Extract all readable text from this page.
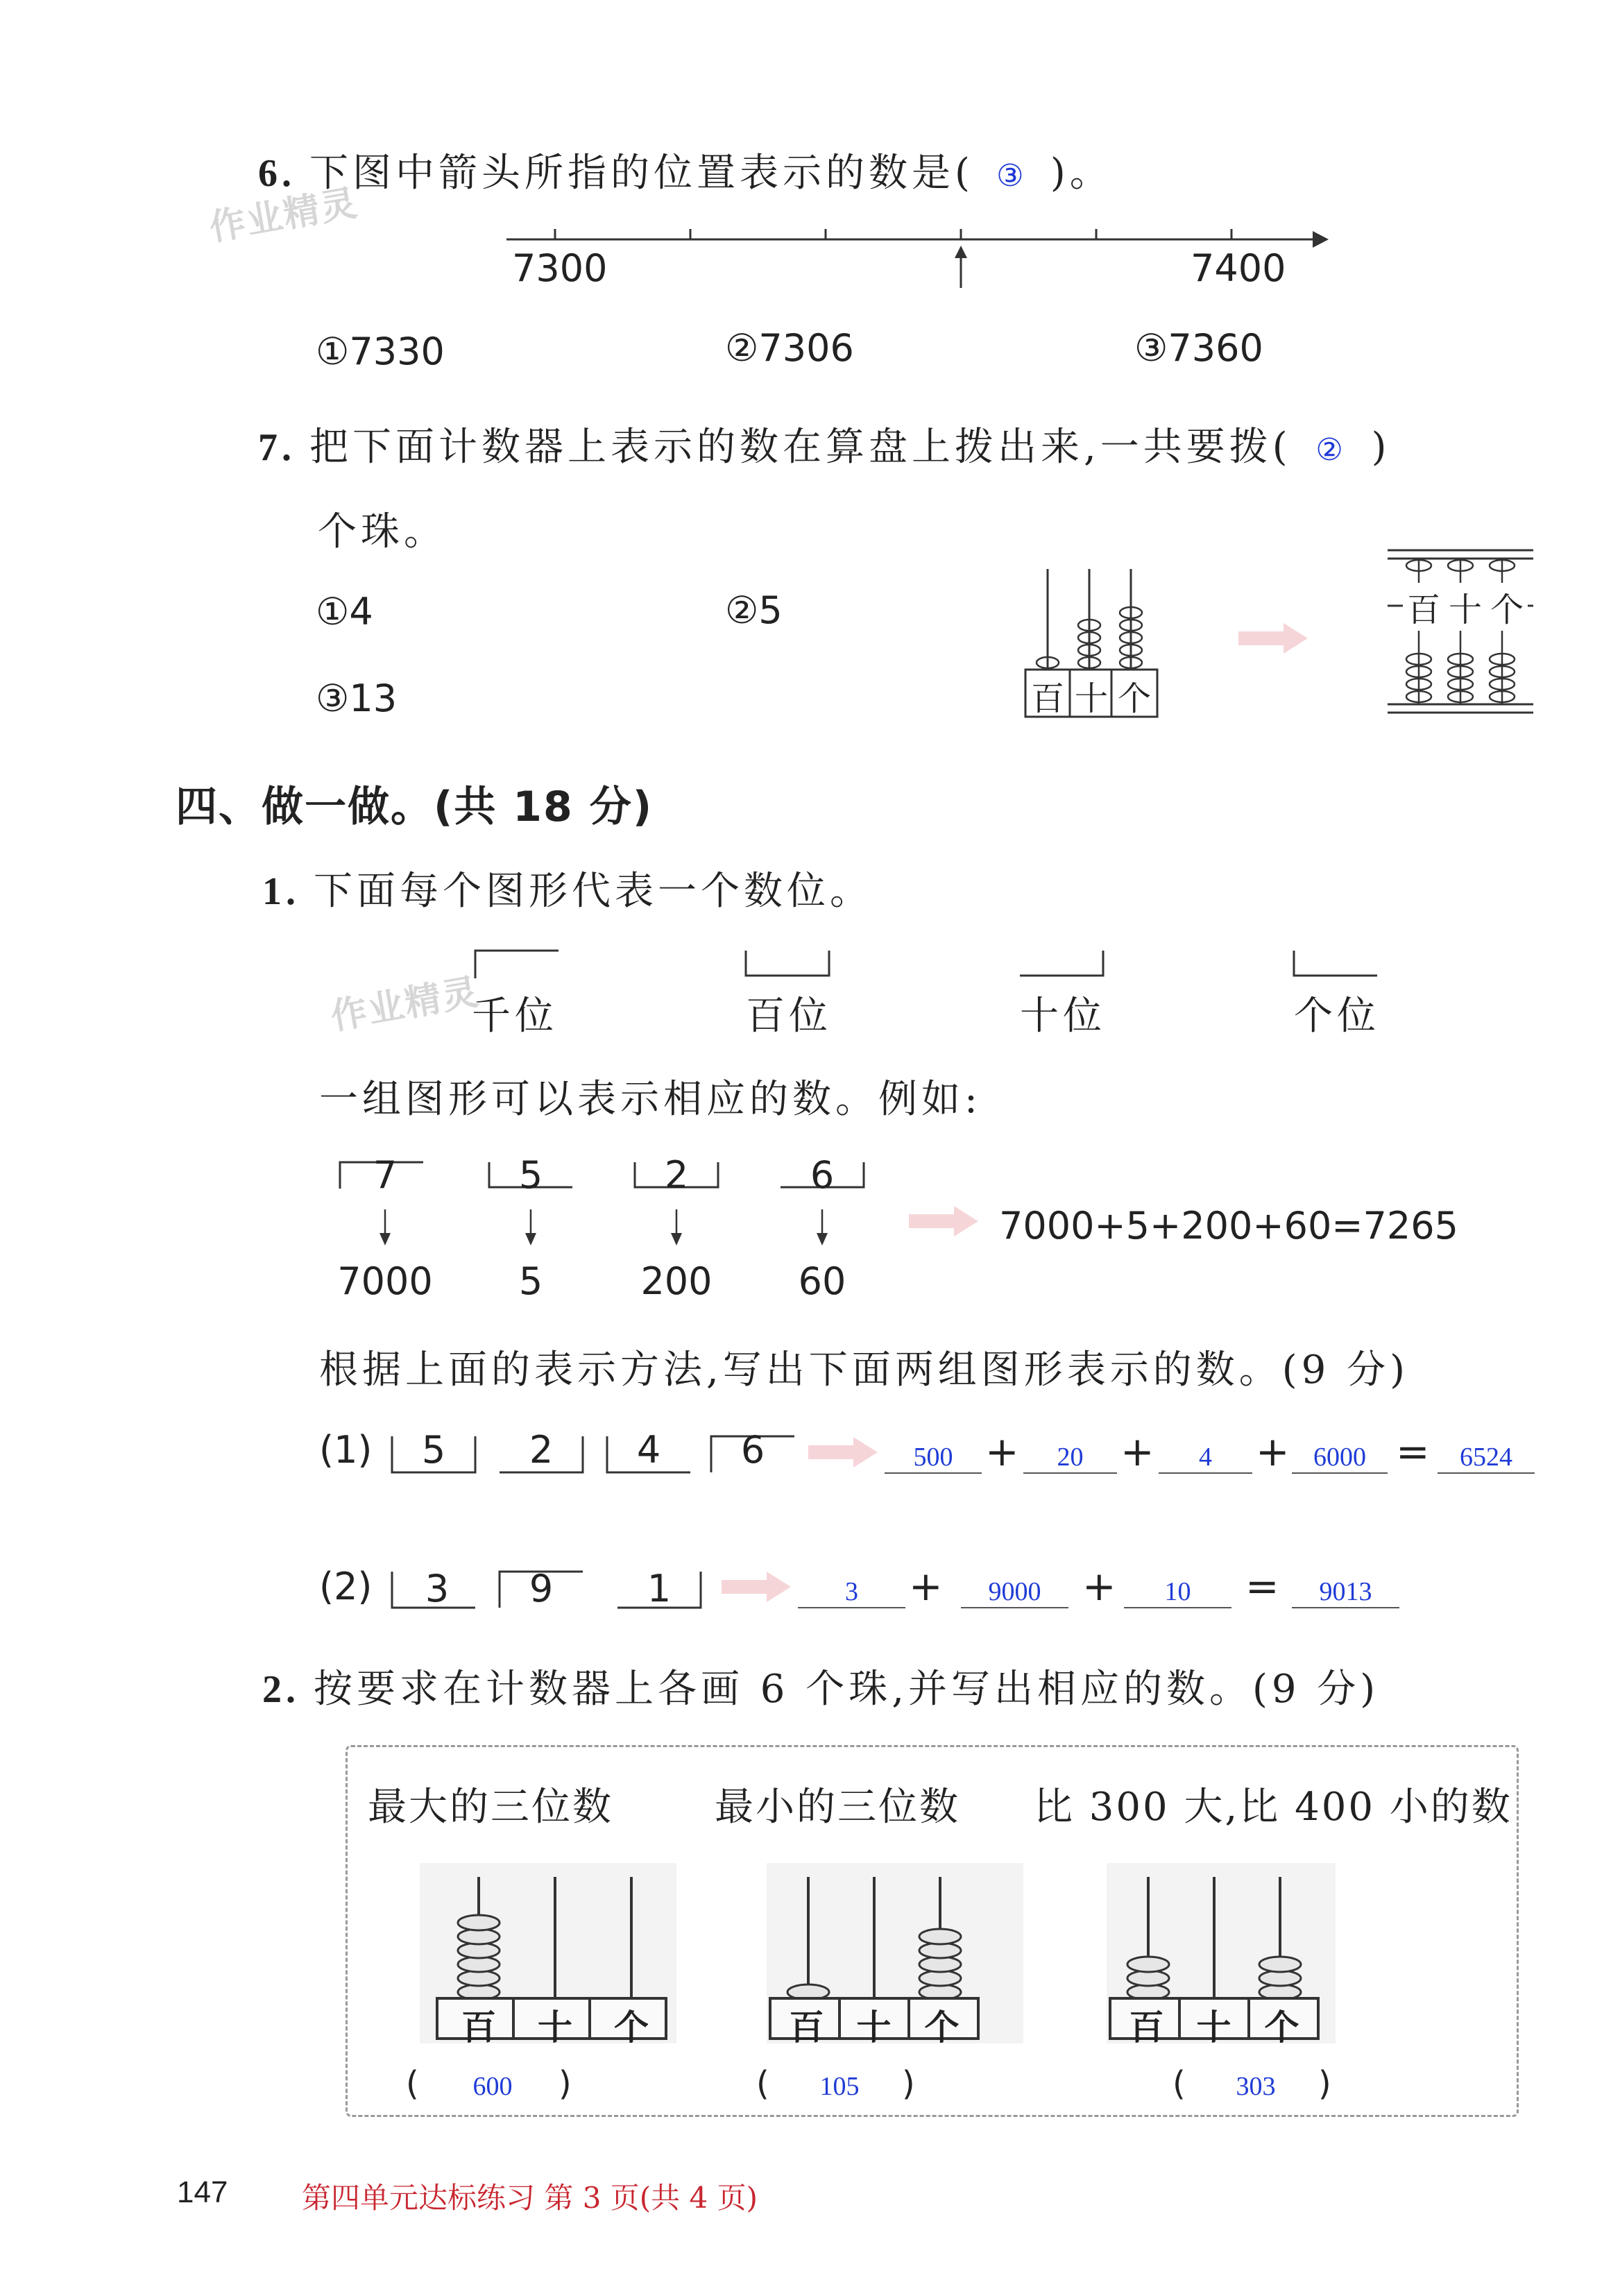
6. 下图中箭头所指的位置表示的数是( ③ )。
作业精灵
7300	7400
①7330	②7306	③7360
7. 把下面计数器上表示的数在算盘上拨出来,一共要拨( ② )
个珠。
①4	②5
③13	百 十 个
百 十 个
四、做一做。(共 18 分)
1. 下面每个图形代表一个数位。
作业精灵
千位	百位	十位	个位
一组图形可以表示相应的数。例如:
7	5	2	6
7000	5	200	60
7000+5+200+60=7265
根据上面的表示方法,写出下面两组图形表示的数。(9 分)
(1) 5 2 4 6	500 +	20 +	4	+ 6000 =	6524
(2) 3 9	1	3	+	9000	+	10	=	9013
2. 按要求在计数器上各画 6 个珠,并写出相应的数。(9 分)
最大的三位数	最小的三位数 比 300 大,比 400 小的数
百	十	个	百 十 个	百 十 个
(	600	)	(	105	)	(	303	)
147	第四单元达标练习 第 3 页(共 4 页)
